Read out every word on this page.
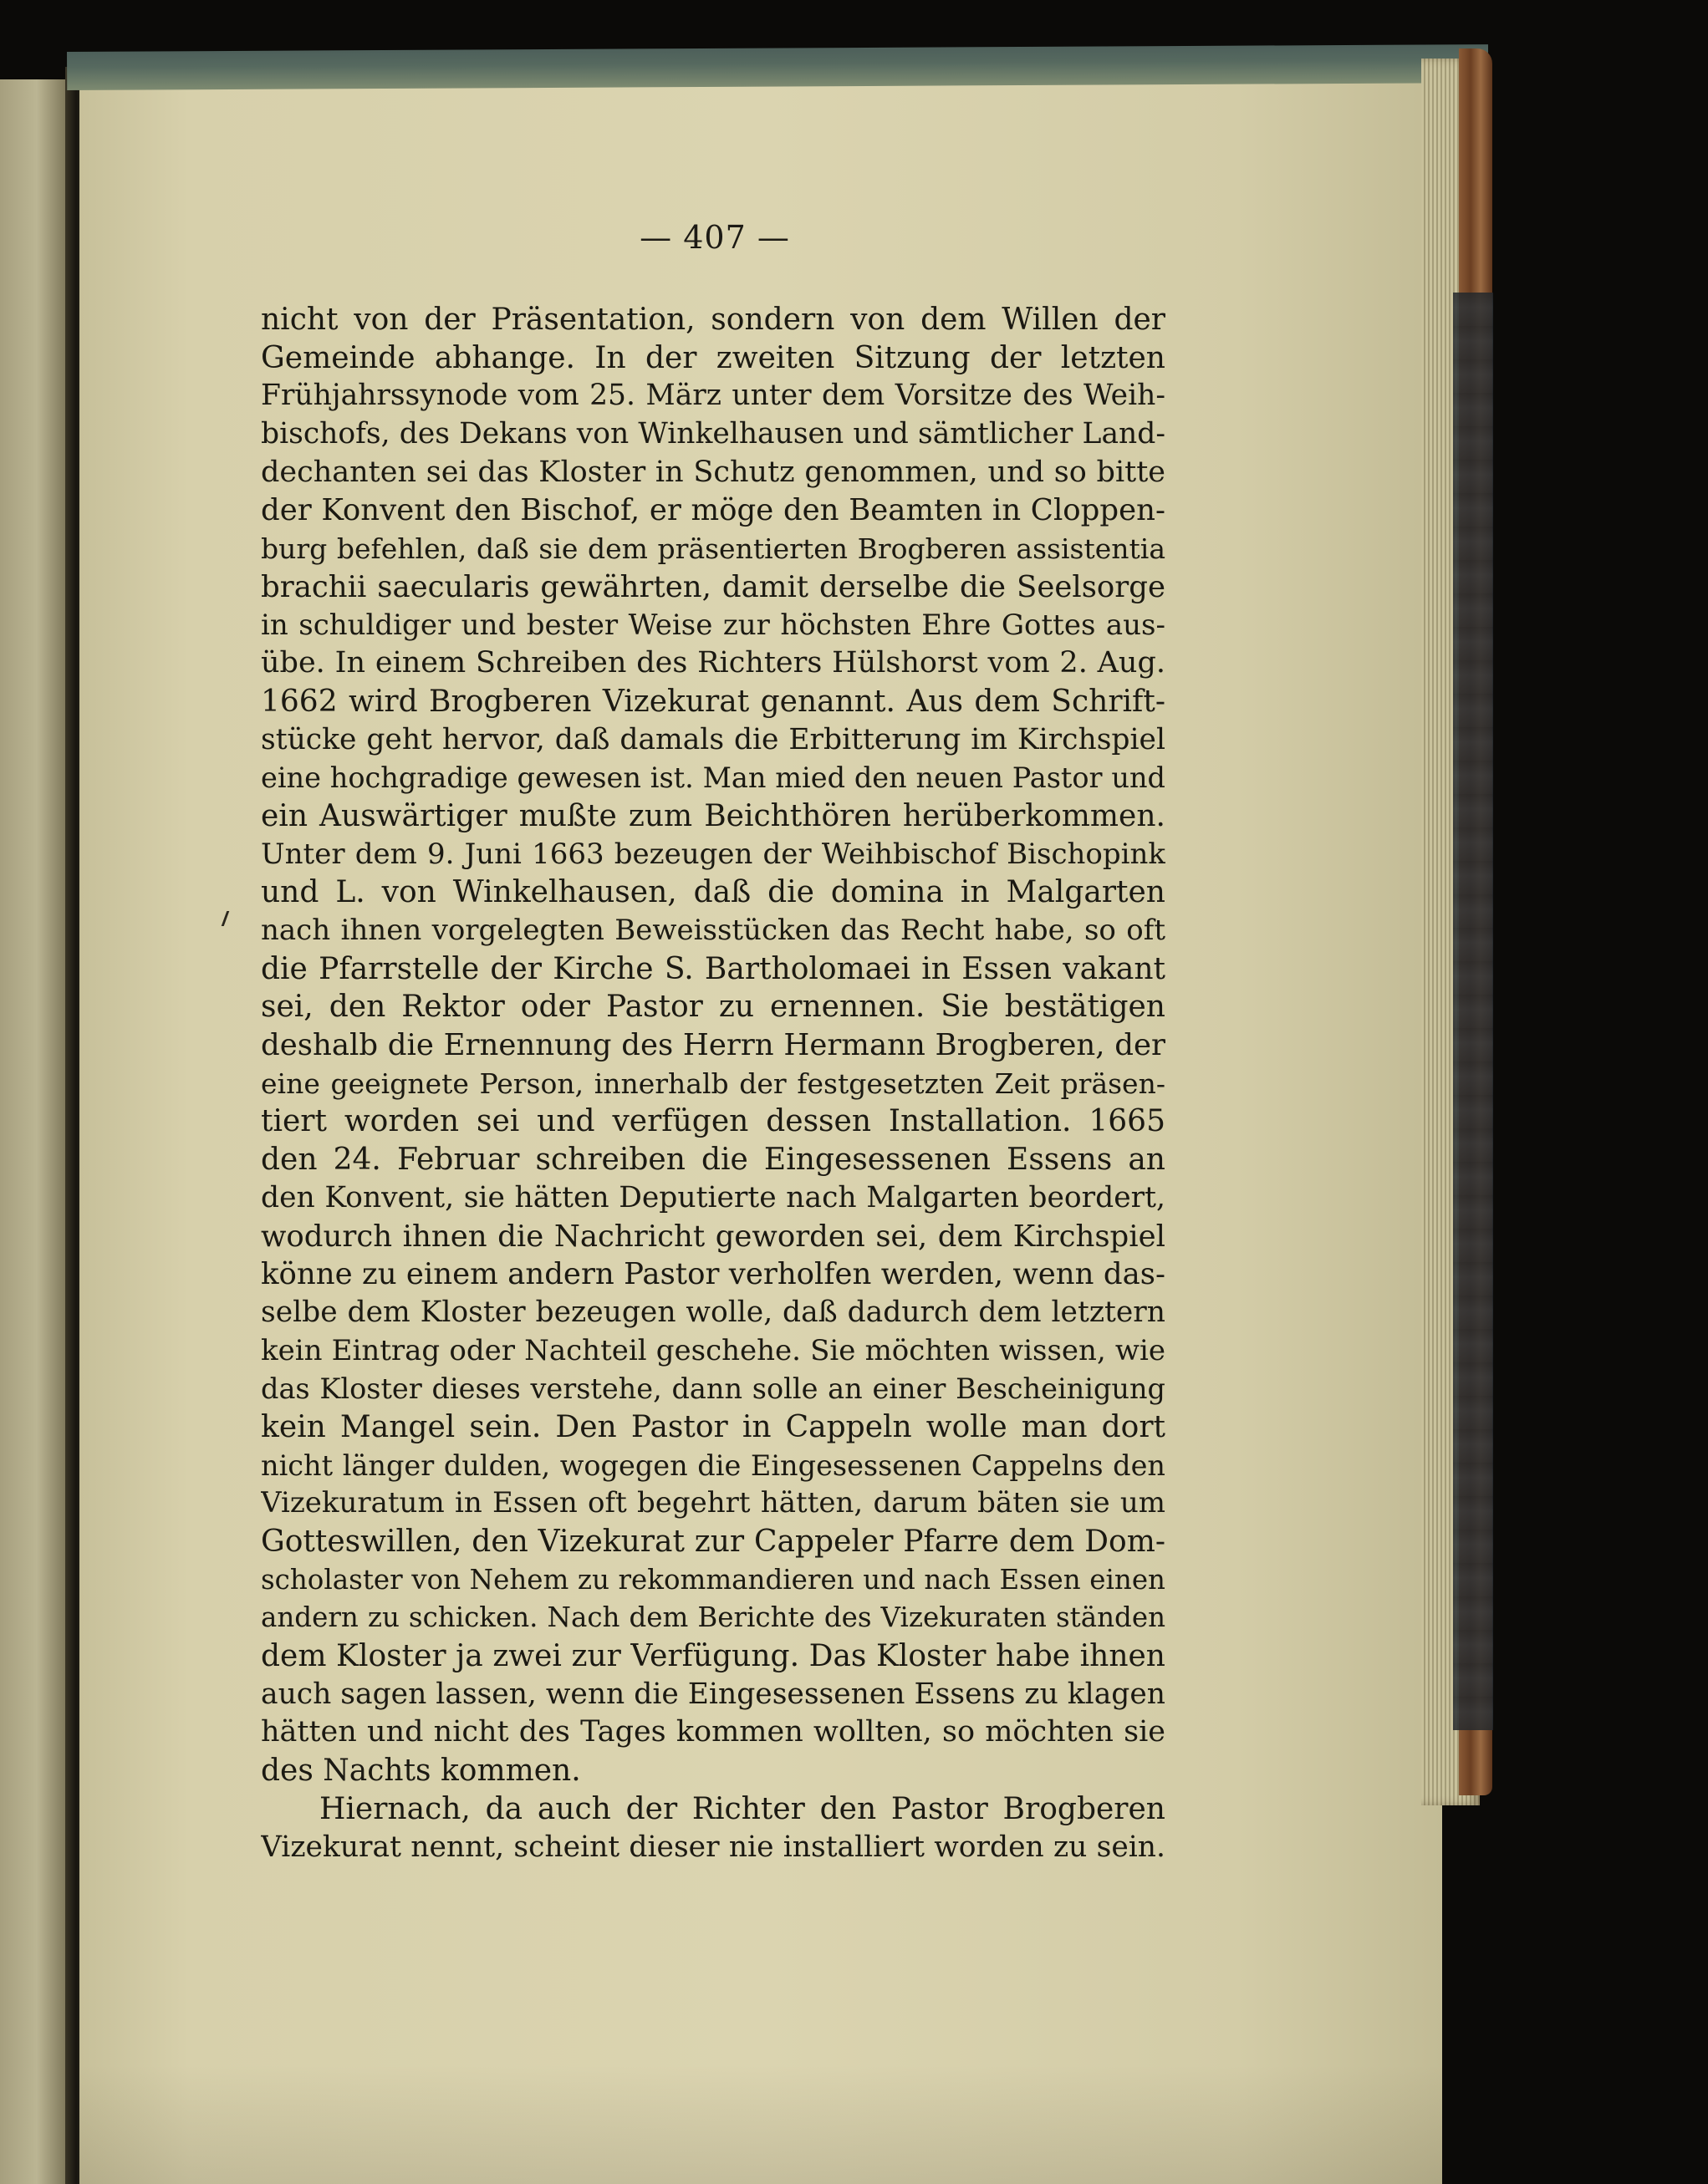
— 407 —
nicht von der Präsentation, sondern von dem Willen der
Gemeinde abhange. In der zweiten Sitzung der letzten
Frühjahrssynode vom 25. März unter dem Vorsitze des Weih-
bischofs, des Dekans von Winkelhausen und sämtlicher Land-
dechanten sei das Kloster in Schutz genommen, und so bitte
der Konvent den Bischof, er möge den Beamten in Cloppen-
burg befehlen, daß sie dem präsentierten Brogberen assistentia
brachii saecularis gewährten, damit derselbe die Seelsorge
in schuldiger und bester Weise zur höchsten Ehre Gottes aus-
übe. In einem Schreiben des Richters Hülshorst vom 2. Aug.
1662 wird Brogberen Vizekurat genannt. Aus dem Schrift-
stücke geht hervor, daß damals die Erbitterung im Kirchspiel
eine hochgradige gewesen ist. Man mied den neuen Pastor und
ein Auswärtiger mußte zum Beichthören herüberkommen.
Unter dem 9. Juni 1663 bezeugen der Weihbischof Bischopink
und L. von Winkelhausen, daß die domina in Malgarten
nach ihnen vorgelegten Beweisstücken das Recht habe, so oft
die Pfarrstelle der Kirche S. Bartholomaei in Essen vakant
sei, den Rektor oder Pastor zu ernennen. Sie bestätigen
deshalb die Ernennung des Herrn Hermann Brogberen, der
eine geeignete Person, innerhalb der festgesetzten Zeit präsen-
tiert worden sei und verfügen dessen Installation. 1665
den 24. Februar schreiben die Eingesessenen Essens an
den Konvent, sie hätten Deputierte nach Malgarten beordert,
wodurch ihnen die Nachricht geworden sei, dem Kirchspiel
könne zu einem andern Pastor verholfen werden, wenn das-
selbe dem Kloster bezeugen wolle, daß dadurch dem letztern
kein Eintrag oder Nachteil geschehe. Sie möchten wissen, wie
das Kloster dieses verstehe, dann solle an einer Bescheinigung
kein Mangel sein. Den Pastor in Cappeln wolle man dort
nicht länger dulden, wogegen die Eingesessenen Cappelns den
Vizekuratum in Essen oft begehrt hätten, darum bäten sie um
Gotteswillen, den Vizekurat zur Cappeler Pfarre dem Dom-
scholaster von Nehem zu rekommandieren und nach Essen einen
andern zu schicken. Nach dem Berichte des Vizekuraten ständen
dem Kloster ja zwei zur Verfügung. Das Kloster habe ihnen
auch sagen lassen, wenn die Eingesessenen Essens zu klagen
hätten und nicht des Tages kommen wollten, so möchten sie
des Nachts kommen.
Hiernach, da auch der Richter den Pastor Brogberen
Vizekurat nennt, scheint dieser nie installiert worden zu sein.
